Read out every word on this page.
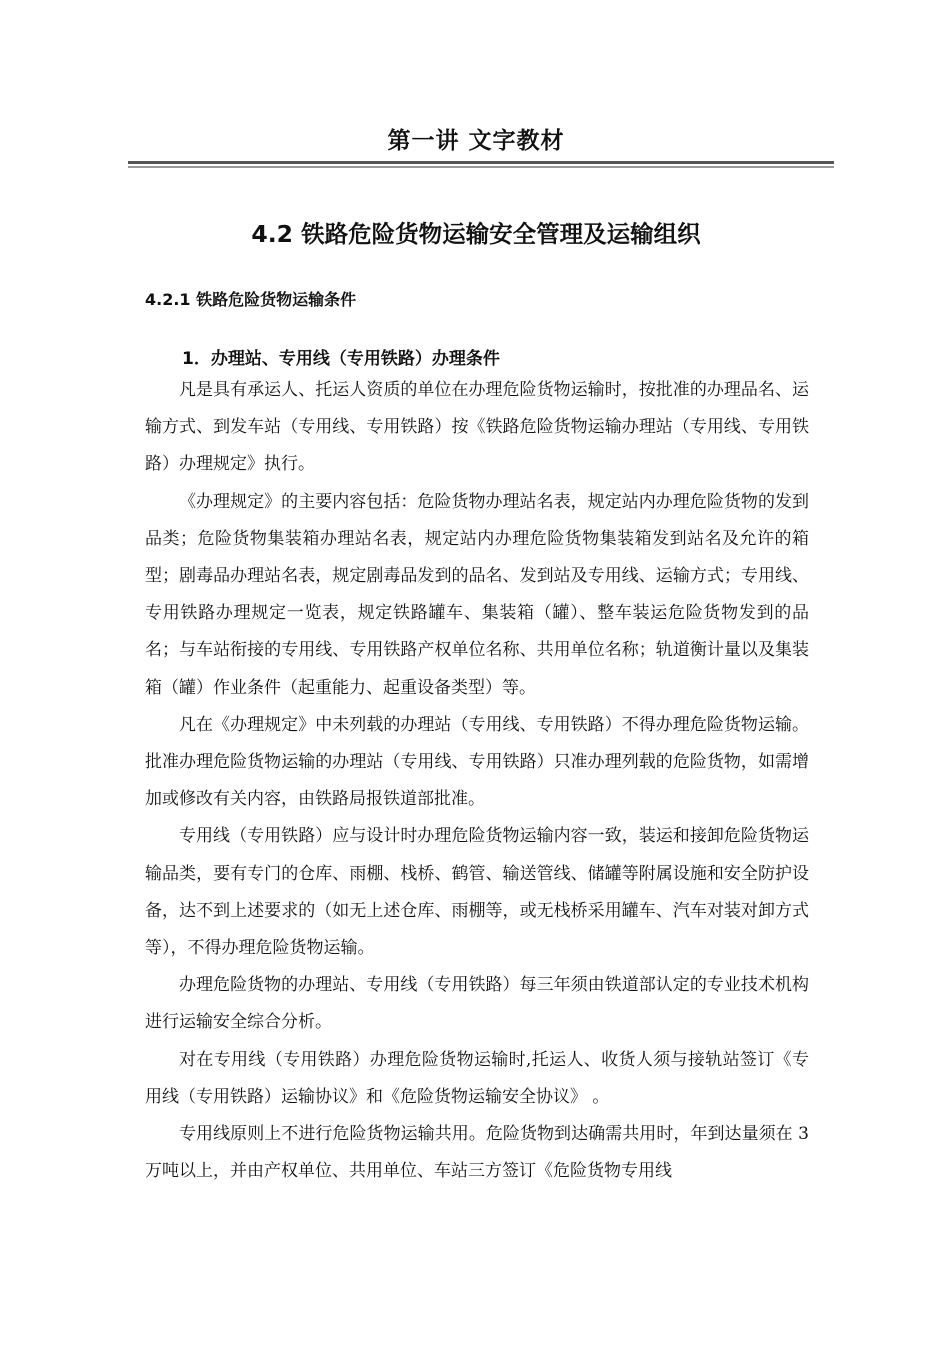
第一讲 文字教材
4.2 铁路危险货物运输安全管理及运输组织
4.2.1 铁路危险货物运输条件
1．办理站、专用线（专用铁路）办理条件

凡是具有承运人、托运人资质的单位在办理危险货物运输时，按批准的办理品名、运输方式、到发车站（专用线、专用铁路）按《铁路危险货物运输办理站（专用线、专用铁路）办理规定》执行。

《办理规定》的主要内容包括：危险货物办理站名表，规定站内办理危险货物的发到品类；危险货物集装箱办理站名表，规定站内办理危险货物集装箱发到站名及允许的箱型；剧毒品办理站名表，规定剧毒品发到的品名、发到站及专用线、运输方式；专用线、专用铁路办理规定一览表，规定铁路罐车、集装箱（罐）、整车装运危险货物发到的品名；与车站衔接的专用线、专用铁路产权单位名称、共用单位名称；轨道衡计量以及集装箱（罐）作业条件（起重能力、起重设备类型）等。

凡在《办理规定》中未列载的办理站（专用线、专用铁路）不得办理危险货物运输。批准办理危险货物运输的办理站（专用线、专用铁路）只准办理列载的危险货物，如需增加或修改有关内容，由铁路局报铁道部批准。

专用线（专用铁路）应与设计时办理危险货物运输内容一致，装运和接卸危险货物运输品类，要有专门的仓库、雨棚、栈桥、鹤管、输送管线、储罐等附属设施和安全防护设备，达不到上述要求的（如无上述仓库、雨棚等，或无栈桥采用罐车、汽车对装对卸方式等），不得办理危险货物运输。

办理危险货物的办理站、专用线（专用铁路）每三年须由铁道部认定的专业技术机构进行运输安全综合分析。

对在专用线（专用铁路）办理危险货物运输时,托运人、收货人须与接轨站签订《专用线（专用铁路）运输协议》和《危险货物运输安全协议》 。

专用线原则上不进行危险货物运输共用。危险货物到达确需共用时，年到达量须在 3 万吨以上，并由产权单位、共用单位、车站三方签订《危险货物专用线
